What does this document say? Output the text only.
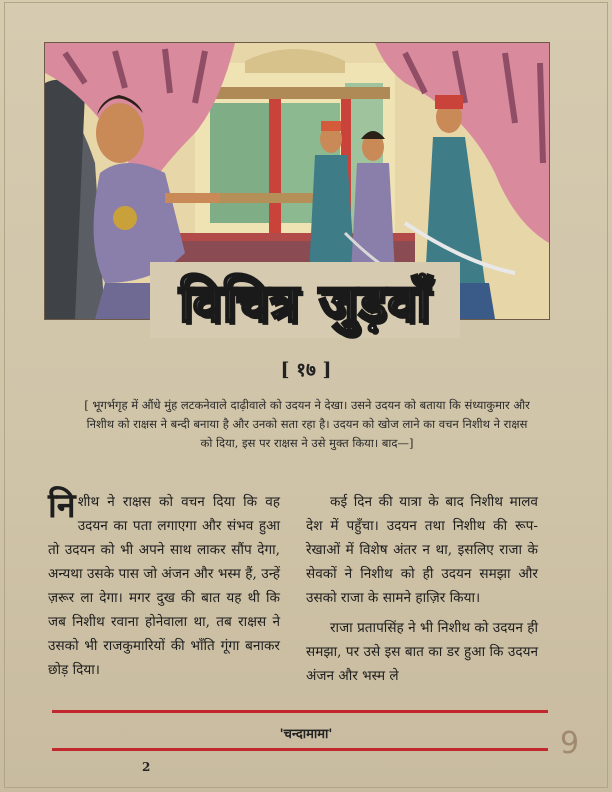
विचित्र जुड़वाँ
[ १७ ]
[ भूगर्भगृह में औंधे मुंह लटकनेवाले दाढ़ीवाले को उदयन ने देखा। उसने उदयन को बताया कि संध्याकुमार और निशीथ को राक्षस ने बन्दी बनाया है और उनको सता रहा है। उदयन को खोज लाने का वचन निशीथ ने राक्षस को दिया, इस पर राक्षस ने उसे मुक्त किया। बाद—]

निशीथ ने राक्षस को वचन दिया कि वह उदयन का पता लगाएगा और संभव हुआ तो उदयन को भी अपने साथ लाकर सौंप देगा, अन्यथा उसके पास जो अंजन और भस्म हैं, उन्हें ज़रूर ला देगा। मगर दुख की बात यह थी कि जब निशीथ रवाना होनेवाला था, तब राक्षस ने उसको भी राजकुमारियों की भाँति गूंगा बनाकर छोड़ दिया।

कई दिन की यात्रा के बाद निशीथ मालव देश में पहुँचा। उदयन तथा निशीथ की रूप-रेखाओं में विशेष अंतर न था, इसलिए राजा के सेवकों ने निशीथ को ही उदयन समझा और उसको राजा के सामने हाज़िर किया।

राजा प्रतापसिंह ने भी निशीथ को उदयन ही समझा, पर उसे इस बात का डर हुआ कि उदयन अंजन और भस्म ले

'चन्दामामा'
2
9
